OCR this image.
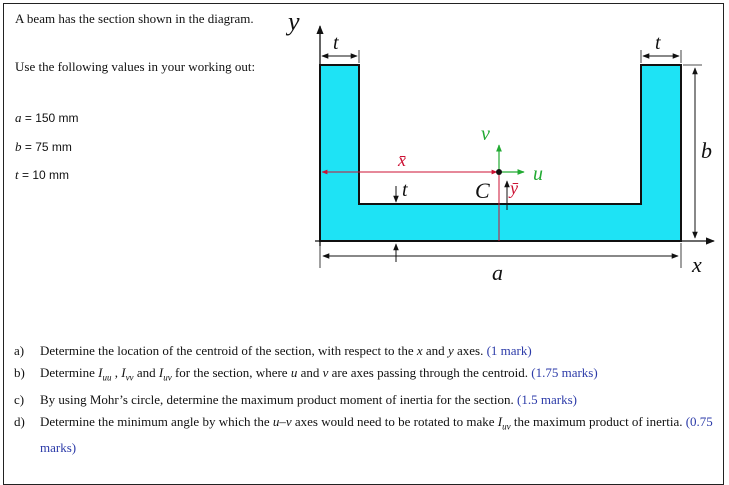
A beam has the section shown in the diagram.
Use the following values in your working out:
a = 150 mm
b = 75 mm
t = 10 mm
y
x
t	t
b
a
v
u
x̄
ȳ
t	C
a) Determine the location of the centroid of the section, with respect to the x and y axes. (1 mark)
b) Determine $I_{uu}$ , $I_{vv}$ and $I_{uv}$ for the section, where u and v are axes passing through the centroid. (1.75 marks)
c) By using Mohr’s circle, determine the maximum product moment of inertia for the section. (1.5 marks)
d) Determine the minimum angle by which the u–v axes would need to be rotated to make $I_{uv}$ the maximum product of inertia. (0.75 marks)
